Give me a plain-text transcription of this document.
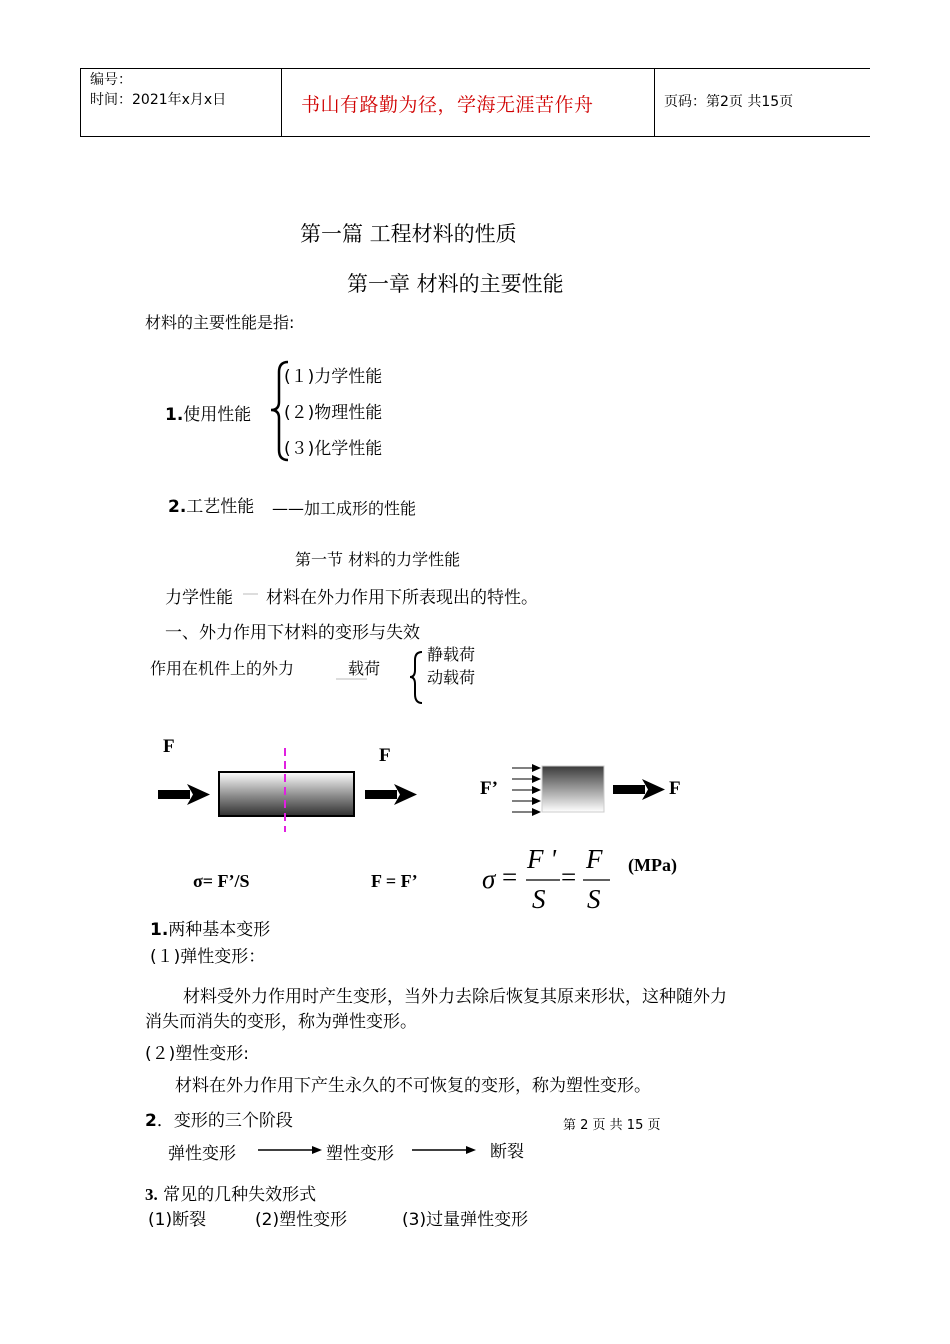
编号：
时间：2021年x月x日	书山有路勤为径，学海无涯苦作舟	页码：第2页 共15页
第一篇 工程材料的性质
第一章 材料的主要性能
材料的主要性能是指:
1.使用性能
(１)力学性能
(２)物理性能
(３)化学性能
2.工艺性能 ——加工成形的性能
第一节 材料的力学性能
力学性能 材料在外力作用下所表现出的特性。
一、外力作用下材料的变形与失效
作用在机件上的外力	载荷
静载荷
动载荷
F	F
F’	F
σ= F’/S	F = F’ σ =
F '
S
=
F
S
(MPa)
1.两种基本变形
(１)弹性变形：
材料受外力作用时产生变形，当外力去除后恢复其原来形状，这种随外力
消失而消失的变形，称为弹性变形。
(２)塑性变形:
材料在外力作用下产生永久的不可恢复的变形，称为塑性变形。
2．变形的三个阶段	第 2 页 共 15 页
弹性变形	塑性变形	断裂
3. 常见的几种失效形式
(1)断裂	(2)塑性变形	(3)过量弹性变形
